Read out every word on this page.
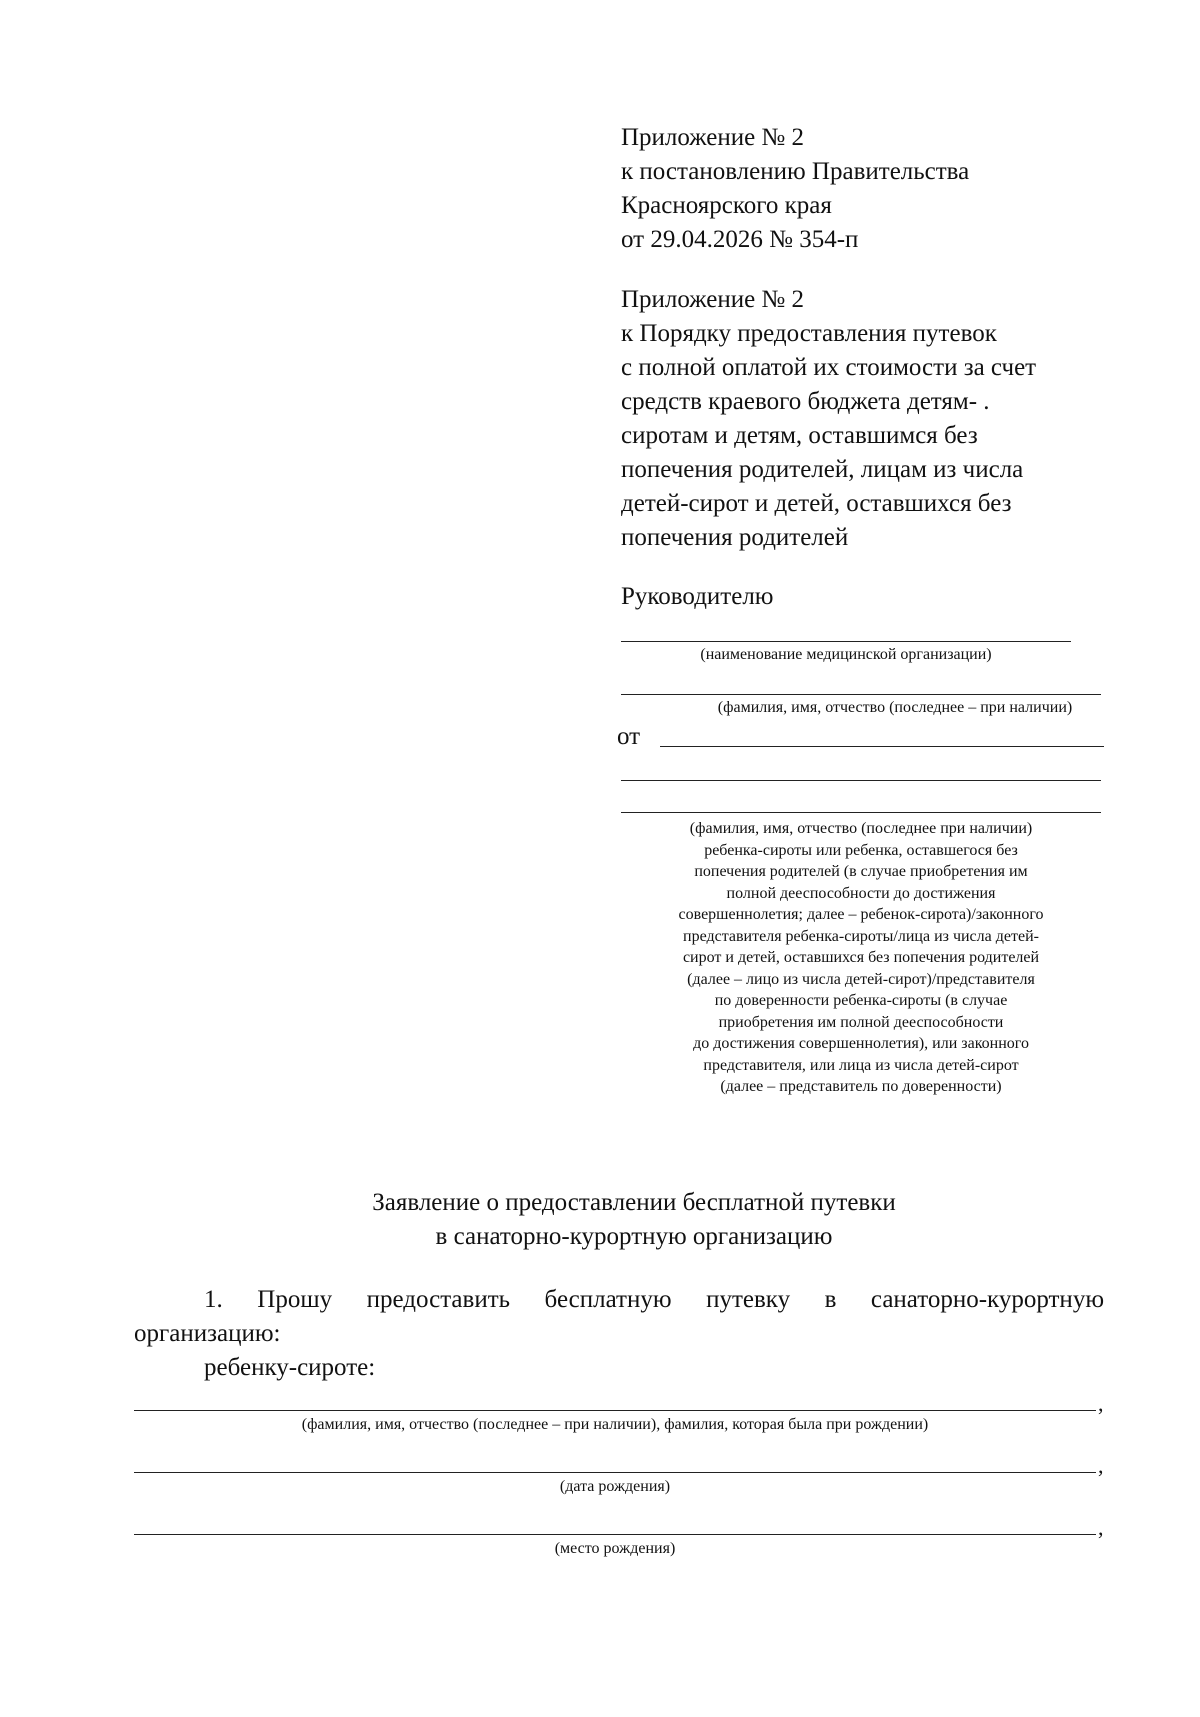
Приложение № 2
к постановлению Правительства
Красноярского края
от 29.04.2026 № 354-п
Приложение № 2
к Порядку предоставления путевок
с полной оплатой их стоимости за счет
средств краевого бюджета детям- .
сиротам и детям, оставшимся без
попечения родителей, лицам из числа
детей-сирот и детей, оставшихся без
попечения родителей
Руководителю
(наименование медицинской организации)
(фамилия, имя, отчество (последнее – при наличии)
от
(фамилия, имя, отчество (последнее при наличии)
ребенка-сироты или ребенка, оставшегося без
попечения родителей (в случае приобретения им
полной дееспособности до достижения
совершеннолетия; далее – ребенок-сирота)/законного
представителя ребенка-сироты/лица из числа детей-
сирот и детей, оставшихся без попечения родителей
(далее – лицо из числа детей-сирот)/представителя
по доверенности ребенка-сироты (в случае
приобретения им полной дееспособности
до достижения совершеннолетия), или законного
представителя, или лица из числа детей-сирот
(далее – представитель по доверенности)
Заявление о предоставлении бесплатной путевки
в санаторно-курортную организацию
1. Прошу предоставить бесплатную путевку в санаторно-курортную
организацию:
ребенку-сироте:
,
(фамилия, имя, отчество (последнее – при наличии), фамилия, которая была при рождении)
,
(дата рождения)
,
(место рождения)
